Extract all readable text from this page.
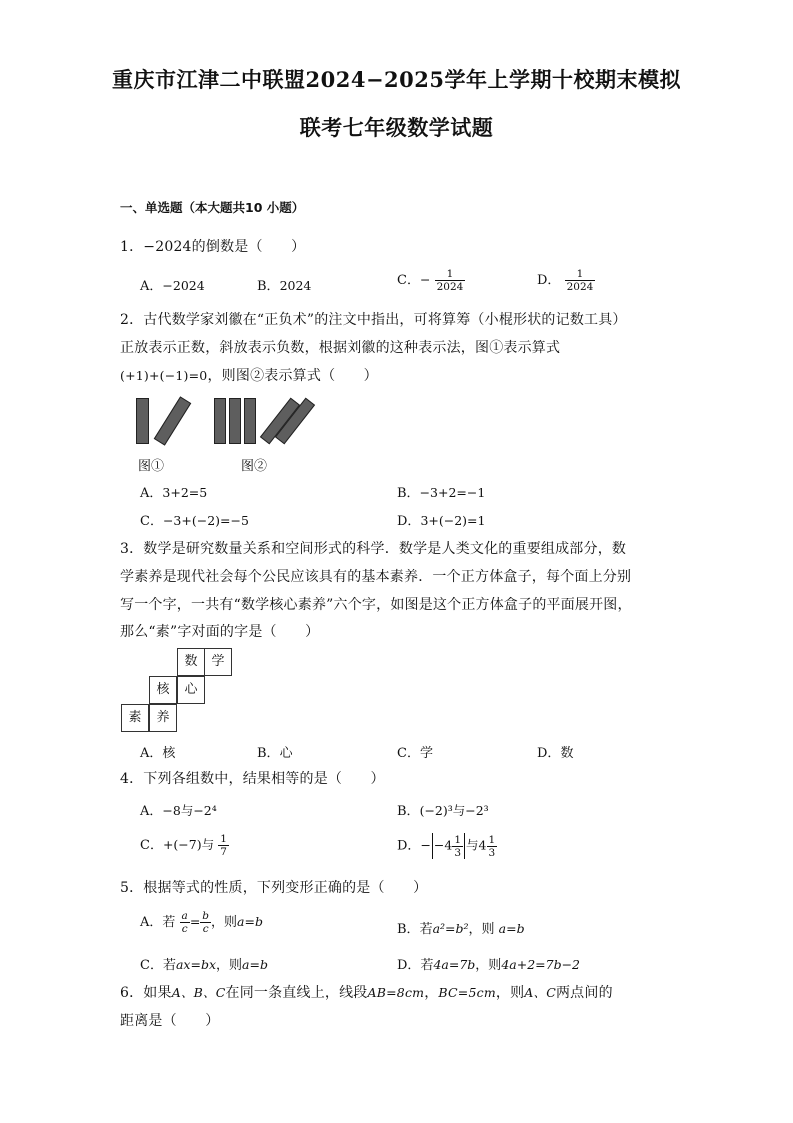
重庆市江津二中联盟2024−2025学年上学期十校期末模拟
联考七年级数学试题
一、单选题（本大题共10 小题）
1．−2024的倒数是（　　）
A．−2024	B．2024	C．− $\frac{1}{2024}$	D． $\frac{1}{2024}$
2．古代数学家刘徽在“正负术”的注文中指出，可将算筹（小棍形状的记数工具）
正放表示正数，斜放表示负数，根据刘徽的这种表示法，图①表示算式
(+1)+(−1)=0，则图②表示算式（　　）
图①	图②
A．3+2=5	B．−3+2=−1
C．−3+(−2)=−5	D．3+(−2)=1
3．数学是研究数量关系和空间形式的科学．数学是人类文化的重要组成部分，数
学素养是现代社会每个公民应该具有的基本素养．一个正方体盒子，每个面上分别
写一个字，一共有“数学核心素养”六个字，如图是这个正方体盒子的平面展开图，
那么“素”字对面的字是（　　）
数	学
核	心
素	养
A．核	B．心	C．学	D．数
4．下列各组数中，结果相等的是（　　）
A．−8与−2⁴	B．(−2)³与−2³
C．+(−7)与 $\frac{1}{7}$	D．− $-4 \frac{1}{3}$ 与$4 \frac{1}{3}$
5．根据等式的性质，下列变形正确的是（　　）
A．若 $\frac{a}{c} = \frac{b}{c}$ ，则a=b
B．若a²=b²，则 a=b
C．若ax=bx，则a=b	D．若4a=7b，则4a+2=7b−2
6．如果A、B、C在同一条直线上，线段AB=8cm，BC=5cm，则A、C两点间的
距离是（　　）
